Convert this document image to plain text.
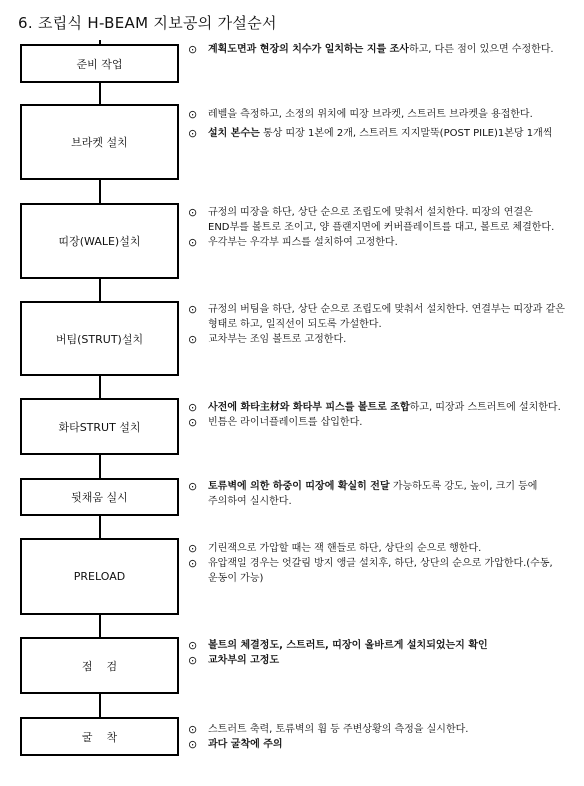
6. 조립식 H-BEAM 지보공의 가설순서
준비 작업
⊙ 계획도면과 현장의 치수가 일치하는 지를 조사하고, 다른 점이 있으면 수정한다.
브라켓 설치
⊙ 레벨을 측정하고, 소정의 위치에 띠장 브라켓, 스트러트 브라켓을 용접한다.
⊙ 설치 본수는 통상 띠장 1본에 2개, 스트러트 지지말뚝(POST PILE)1본당 1개씩
띠장(WALE)설치
⊙ 규정의 띠장을 하단, 상단 순으로 조립도에 맞춰서 설치한다. 띠장의 연결은 END부를 볼트로 조이고, 양 플랜지면에 커버플레이트를 대고, 볼트로 체결한다.
⊙ 우각부는 우각부 피스를 설치하여 고정한다.
버팀(STRUT)설치
⊙ 규정의 버팀을 하단, 상단 순으로 조립도에 맞춰서 설치한다. 연결부는 띠장과 같은 형태로 하고, 일직선이 되도록 가설한다.
⊙ 교차부는 조임 볼트로 고정한다.
화타STRUT 설치
⊙ 사전에 화타主材와 화타부 피스를 볼트로 조합하고, 띠장과 스트러트에 설치한다.
⊙ 빈틈은 라이너플레이트를 삽입한다.
뒷채움 실시
⊙ 토류벽에 의한 하중이 띠장에 확실히 전달 가능하도록 강도, 높이, 크기 등에 주의하여 실시한다.
PRELOAD
⊙ 기린잭으로 가압할 때는 잭 핸들로 하단, 상단의 순으로 행한다.
⊙ 유압잭일 경우는 엇갈림 방지 앵글 설치후, 하단, 상단의 순으로 가압한다.(수동, 운동이 가능)
점    검
⊙ 볼트의 체결정도, 스트러트, 띠장이 올바르게 설치되었는지 확인
⊙ 교차부의 고정도
굴    착
⊙ 스트러트 축력, 토류벽의 휨 등 주변상황의 측정을 실시한다.
⊙ 과다 굴착에 주의
